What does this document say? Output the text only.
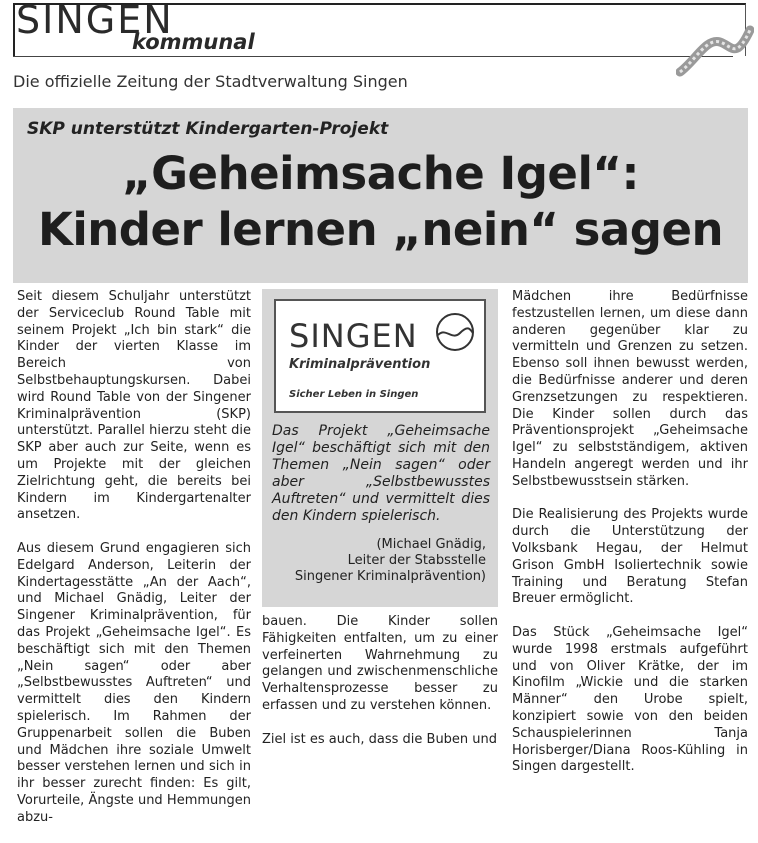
SINGEN
kommunal
Die offizielle Zeitung der Stadtverwaltung Singen
SKP unterstützt Kindergarten-Projekt
„Geheimsache Igel“:
Kinder lernen „nein“ sagen

Seit diesem Schuljahr unterstützt der Serviceclub Round Table mit seinem Projekt „Ich bin stark“ die Kinder der vierten Klasse im Bereich von Selbstbehauptungskursen. Dabei wird Round Table von der Singener Kriminalprävention (SKP) unterstützt. Parallel hierzu steht die SKP aber auch zur Seite, wenn es um Projekte mit der gleichen Zielrichtung geht, die bereits bei Kindern im Kindergartenalter ansetzen.

Aus diesem Grund engagieren sich Edelgard Anderson, Leiterin der Kindertagesstätte „An der Aach“, und Michael Gnädig, Leiter der Singener Kriminalprävention, für das Projekt „Geheimsache Igel“. Es beschäftigt sich mit den Themen „Nein sagen“ oder aber „Selbstbewusstes Auftreten“ und vermittelt dies den Kindern spielerisch. Im Rahmen der Gruppenarbeit sollen die Buben und Mädchen ihre soziale Umwelt besser verstehen lernen und sich in ihr besser zurecht finden: Es gilt, Vorurteile, Ängste und Hemmungen abzu-

SINGEN
Kriminalprävention
Sicher Leben in Singen
Das Projekt „Geheimsache Igel“ beschäftigt sich mit den Themen „Nein sagen“ oder aber „Selbstbewusstes Auftreten“ und vermittelt dies den Kindern spielerisch.
(Michael Gnädig,
Leiter der Stabsstelle
Singener Kriminalprävention)

bauen. Die Kinder sollen Fähigkeiten entfalten, um zu einer verfeinerten Wahrnehmung zu gelangen und zwischenmenschliche Verhaltensprozesse besser zu erfassen und zu verstehen können.

Ziel ist es auch, dass die Buben und

Mädchen ihre Bedürfnisse festzustellen lernen, um diese dann anderen gegenüber klar zu vermitteln und Grenzen zu setzen. Ebenso soll ihnen bewusst werden, die Bedürfnisse anderer und deren Grenzsetzungen zu respektieren. Die Kinder sollen durch das Präventionsprojekt „Geheimsache Igel“ zu selbstständigem, aktiven Handeln angeregt werden und ihr Selbstbewusstsein stärken.

Die Realisierung des Projekts wurde durch die Unterstützung der Volksbank Hegau, der Helmut Grison GmbH Isoliertechnik sowie Training und Beratung Stefan Breuer ermöglicht.

Das Stück „Geheimsache Igel“ wurde 1998 erstmals aufgeführt und von Oliver Krätke, der im Kinofilm „Wickie und die starken Männer“ den Urobe spielt, konzipiert sowie von den beiden Schauspielerinnen Tanja Horisberger/Diana Roos-Kühling in Singen dargestellt.
